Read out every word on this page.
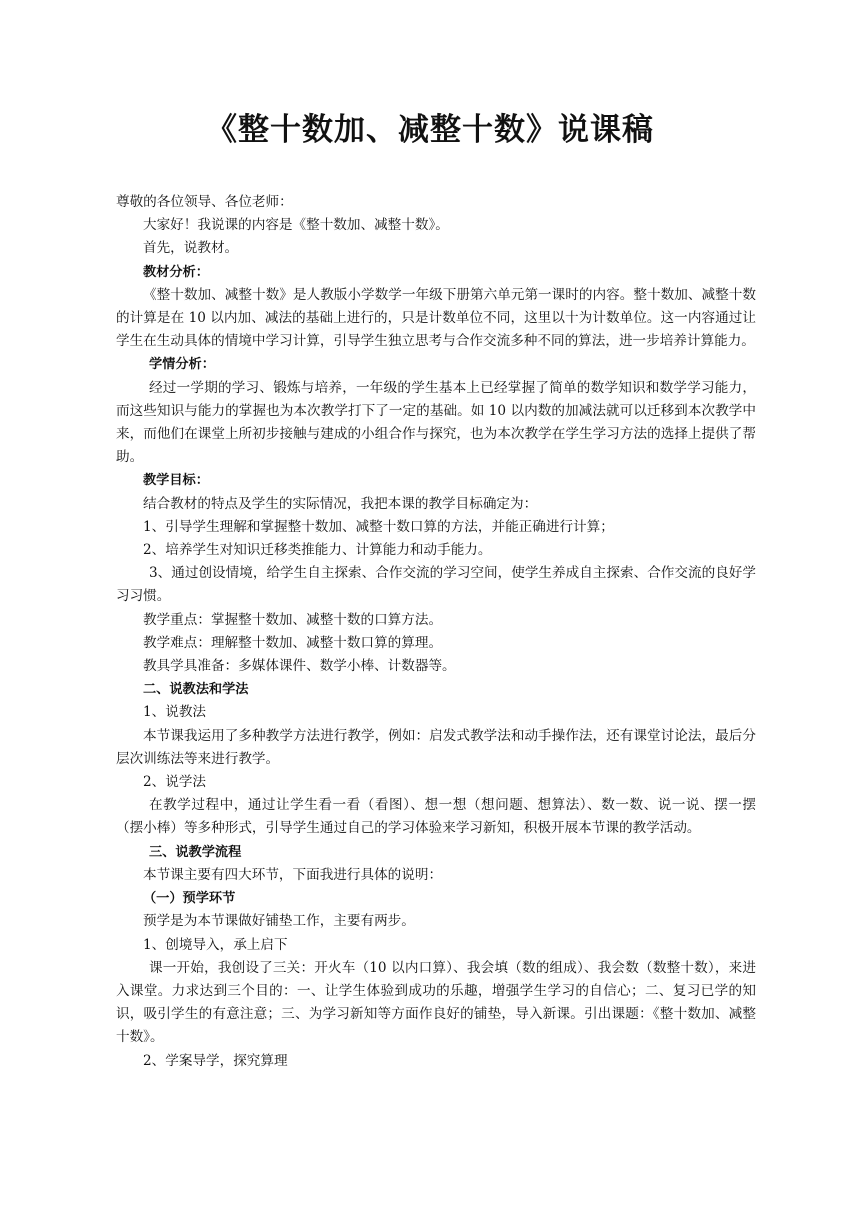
《整十数加、减整十数》说课稿

尊敬的各位领导、各位老师：

大家好！我说课的内容是《整十数加、减整十数》。

首先，说教材。

教材分析：

《整十数加、减整十数》是人教版小学数学一年级下册第六单元第一课时的内容。整十数加、减整十数的计算是在 10 以内加、减法的基础上进行的，只是计数单位不同，这里以十为计数单位。这一内容通过让学生在生动具体的情境中学习计算，引导学生独立思考与合作交流多种不同的算法，进一步培养计算能力。

学情分析：

经过一学期的学习、锻炼与培养，一年级的学生基本上已经掌握了简单的数学知识和数学学习能力，而这些知识与能力的掌握也为本次教学打下了一定的基础。如 10 以内数的加减法就可以迁移到本次教学中来，而他们在课堂上所初步接触与建成的小组合作与探究，也为本次教学在学生学习方法的选择上提供了帮助。

教学目标：

结合教材的特点及学生的实际情况，我把本课的教学目标确定为：

1、引导学生理解和掌握整十数加、减整十数口算的方法，并能正确进行计算；

2、培养学生对知识迁移类推能力、计算能力和动手能力。

3、通过创设情境，给学生自主探索、合作交流的学习空间，使学生养成自主探索、合作交流的良好学习习惯。

教学重点：掌握整十数加、减整十数的口算方法。

教学难点：理解整十数加、减整十数口算的算理。

教具学具准备：多媒体课件、数学小棒、计数器等。

二、说教法和学法

1、说教法

本节课我运用了多种教学方法进行教学，例如：启发式教学法和动手操作法，还有课堂讨论法，最后分层次训练法等来进行教学。

2、说学法

在教学过程中，通过让学生看一看（看图）、想一想（想问题、想算法）、数一数、说一说、摆一摆（摆小棒）等多种形式，引导学生通过自己的学习体验来学习新知，积极开展本节课的教学活动。

三、说教学流程

本节课主要有四大环节，下面我进行具体的说明：

（一）预学环节

预学是为本节课做好铺垫工作，主要有两步。

1、创境导入，承上启下

课一开始，我创设了三关：开火车（10 以内口算）、我会填（数的组成）、我会数（数整十数），来进入课堂。力求达到三个目的：一、让学生体验到成功的乐趣，增强学生学习的自信心；二、复习已学的知识，吸引学生的有意注意；三、为学习新知等方面作良好的铺垫，导入新课。引出课题：《整十数加、减整十数》。

2、学案导学，探究算理
